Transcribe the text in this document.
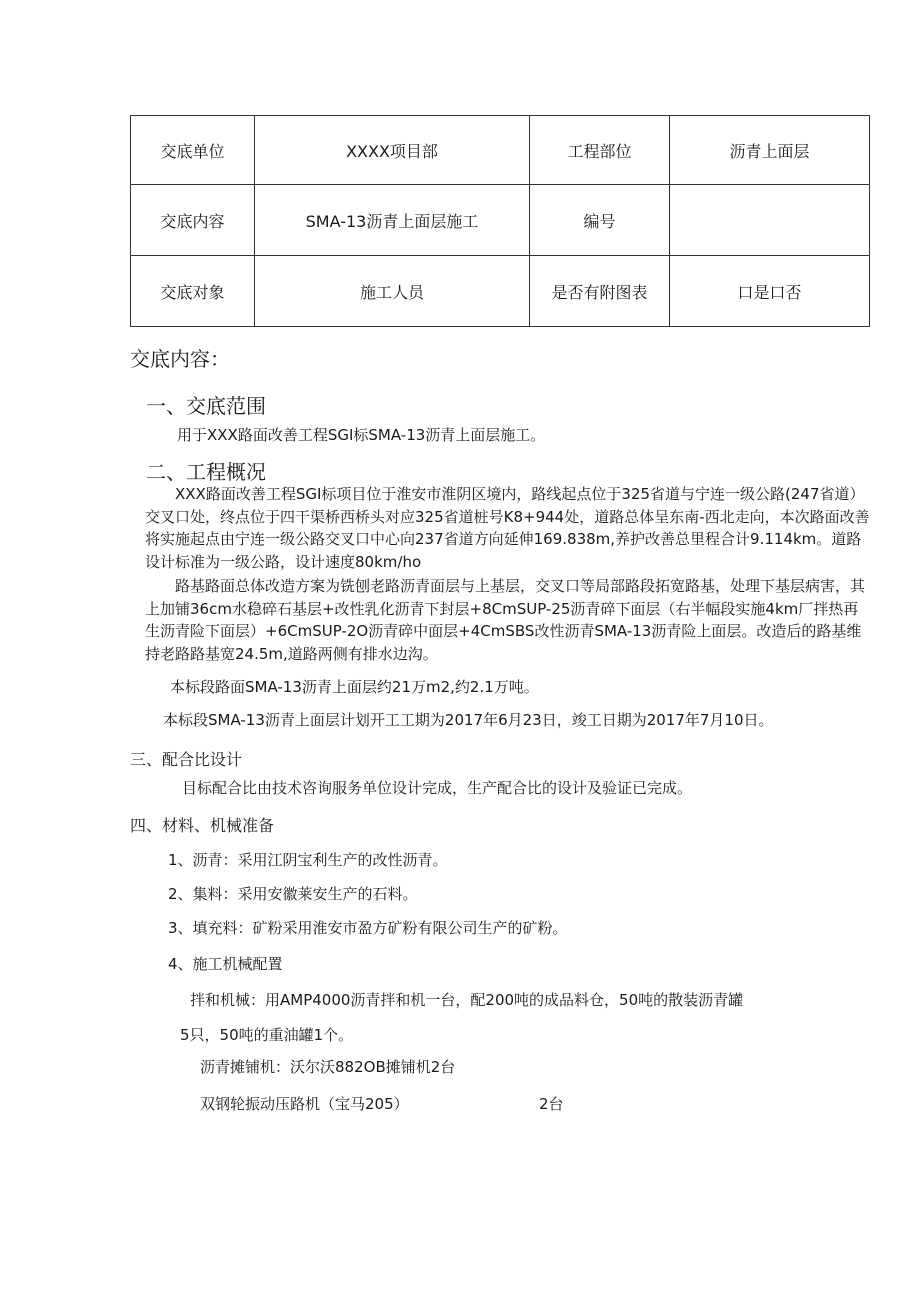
交底单位	XXXX项目部	工程部位	沥青上面层
交底内容	SMA-13沥青上面层施工	编号	
交底对象	施工人员	是否有附图表	口是口否
交底内容：
一、交底范围
用于XXX路面改善工程SGI标SMA-13沥青上面层施工。
二、工程概况
XXX路面改善工程SGI标项目位于淮安市淮阴区境内，路线起点位于325省道与宁连一级公路(247省道）交叉口处，终点位于四干渠桥西桥头对应325省道桩号K8+944处，道路总体呈东南-西北走向，本次路面改善将实施起点由宁连一级公路交叉口中心向237省道方向延伸169.838m,养护改善总里程合计9.114km。道路设计标准为一级公路，设计速度80km∕ho
路基路面总体改造方案为铣刨老路沥青面层与上基层，交叉口等局部路段拓宽路基，处理下基层病害，其上加铺36cm水稳碎石基层+改性乳化沥青下封层+8CmSUP-25沥青碎下面层（右半幅段实施4km厂拌热再生沥青险下面层）+6CmSUP-2O沥青碎中面层+4CmSBS改性沥青SMA-13沥青险上面层。改造后的路基维持老路路基宽24.5m,道路两侧有排水边沟。
本标段路面SMA-13沥青上面层约21万m2,约2.1万吨。
本标段SMA-13沥青上面层计划开工工期为2017年6月23日，竣工日期为2017年7月10日。
三、配合比设计
目标配合比由技术咨询服务单位设计完成，生产配合比的设计及验证已完成。
四、材料、机械准备
1、沥青：采用江阴宝利生产的改性沥青。
2、集料：采用安徽莱安生产的石料。
3、填充料：矿粉采用淮安市盈方矿粉有限公司生产的矿粉。
4、施工机械配置
拌和机械：用AMP4000沥青拌和机一台，配200吨的成品料仓，50吨的散装沥青罐
5只，50吨的重油罐1个。
沥青摊铺机：沃尔沃882OB摊铺机2台
双钢轮振动压路机（宝马205）	2台
